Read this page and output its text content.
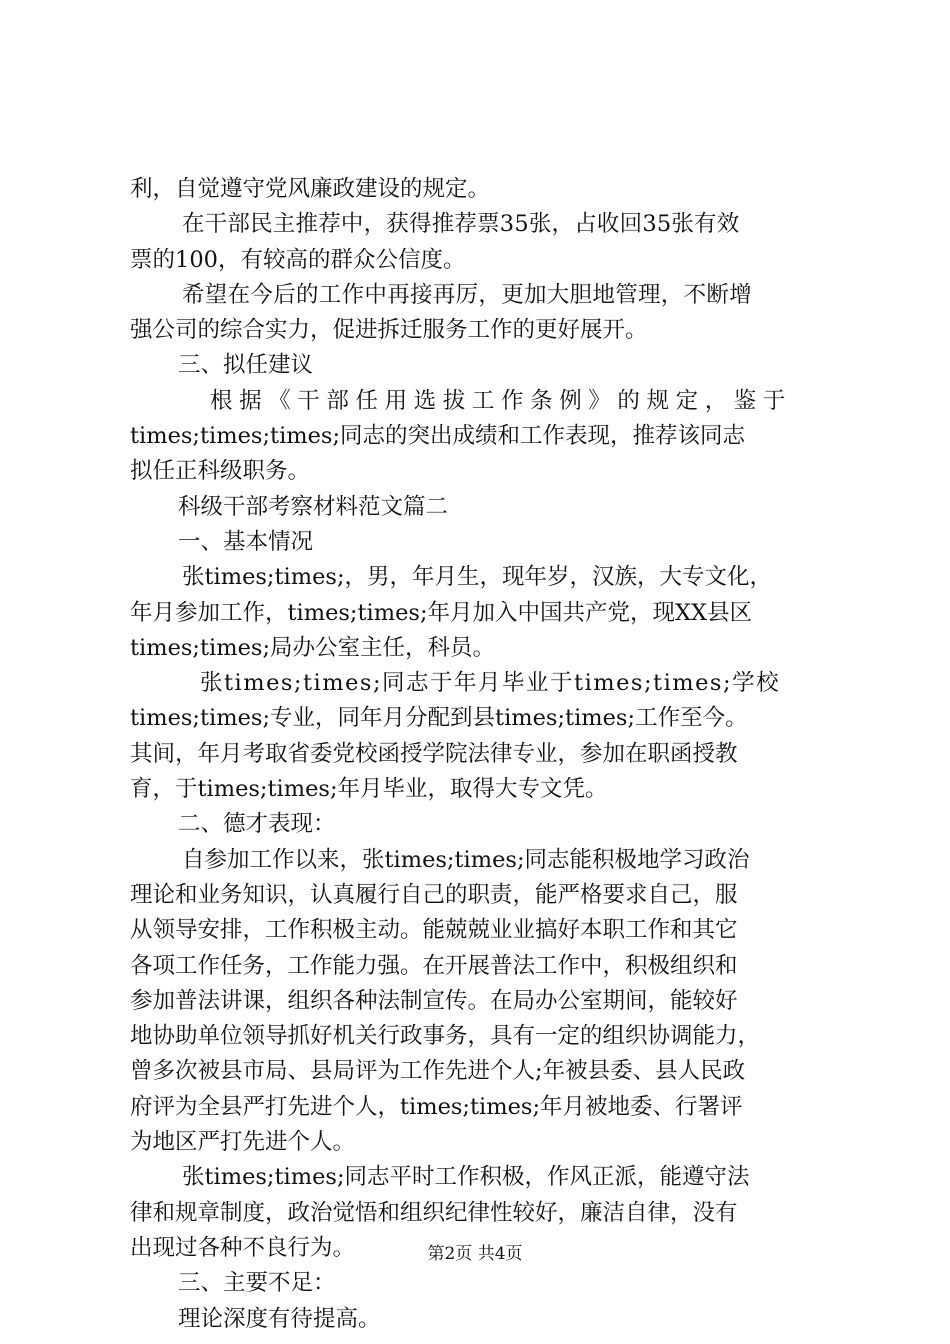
利，自觉遵守党风廉政建设的规定。
在干部民主推荐中，获得推荐票35张，占收回35张有效
票的100，有较高的群众公信度。
希望在今后的工作中再接再厉，更加大胆地管理，不断增
强公司的综合实力，促进拆迁服务工作的更好展开。
三、拟任建议
根据《干部任用选拔工作条例》的规定，鉴于
times;times;times;同志的突出成绩和工作表现，推荐该同志
拟任正科级职务。
科级干部考察材料范文篇二
一、基本情况
张times;times;，男，年月生，现年岁，汉族，大专文化，
年月参加工作，times;times;年月加入中国共产党，现XX县区
times;times;局办公室主任，科员。
张times;times;同志于年月毕业于times;times;学校
times;times;专业，同年月分配到县times;times;工作至今。
其间，年月考取省委党校函授学院法律专业，参加在职函授教
育，于times;times;年月毕业，取得大专文凭。
二、德才表现：
自参加工作以来，张times;times;同志能积极地学习政治
理论和业务知识，认真履行自己的职责，能严格要求自己，服
从领导安排，工作积极主动。能兢兢业业搞好本职工作和其它
各项工作任务，工作能力强。在开展普法工作中，积极组织和
参加普法讲课，组织各种法制宣传。在局办公室期间，能较好
地协助单位领导抓好机关行政事务，具有一定的组织协调能力，
曾多次被县市局、县局评为工作先进个人;年被县委、县人民政
府评为全县严打先进个人，times;times;年月被地委、行署评
为地区严打先进个人。
张times;times;同志平时工作积极，作风正派，能遵守法
律和规章制度，政治觉悟和组织纪律性较好，廉洁自律，没有
出现过各种不良行为。
三、主要不足：
理论深度有待提高。
第2页 共4页
